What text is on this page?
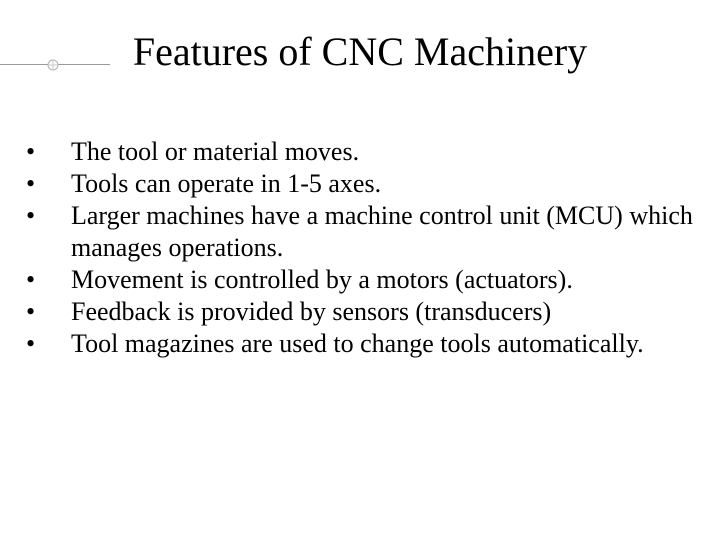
Features of CNC Machinery
•	The tool or material moves.
•	Tools can operate in 1-5 axes.
•	Larger machines have a machine control unit (MCU) which manages operations.
•	Movement is controlled by a motors (actuators).
•	Feedback is provided by sensors (transducers)
•	Tool magazines are used to change tools automatically.
